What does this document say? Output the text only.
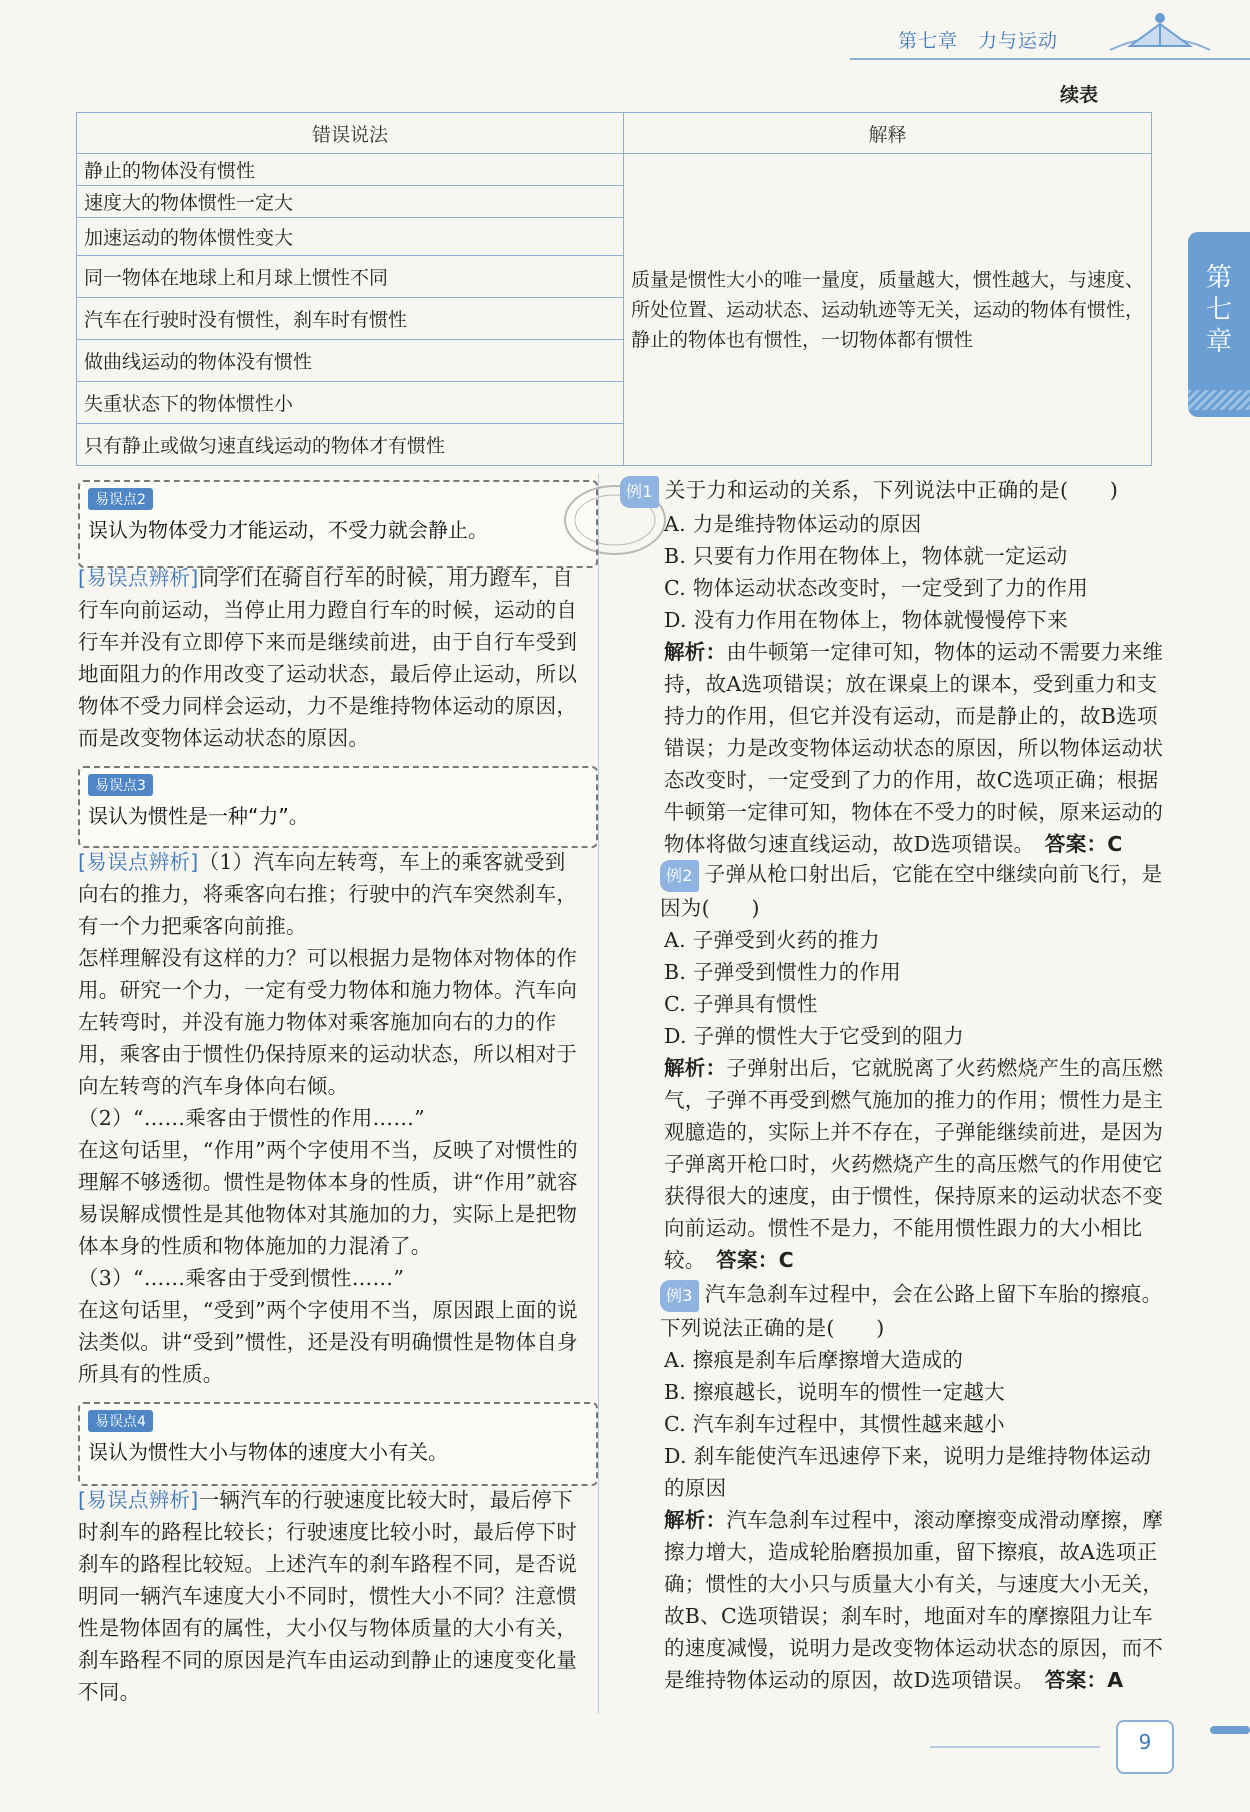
第七章　力与运动
续表
第七章
错误说法	解释
静止的物体没有惯性	质量是惯性大小的唯一量度，质量越大，惯性越大，与速度、所处位置、运动状态、运动轨迹等无关，运动的物体有惯性，静止的物体也有惯性，一切物体都有惯性
速度大的物体惯性一定大	
加速运动的物体惯性变大	
同一物体在地球上和月球上惯性不同	
汽车在行驶时没有惯性，刹车时有惯性	
做曲线运动的物体没有惯性	
失重状态下的物体惯性小	
只有静止或做匀速直线运动的物体才有惯性	
易误点2
误认为物体受力才能运动，不受力就会静止。
[易误点辨析]同学们在骑自行车的时候，用力蹬车，自行车向前运动，当停止用力蹬自行车的时候，运动的自行车并没有立即停下来而是继续前进，由于自行车受到地面阻力的作用改变了运动状态，最后停止运动，所以物体不受力同样会运动，力不是维持物体运动的原因，而是改变物体运动状态的原因。
易误点3
误认为惯性是一种“力”。
[易误点辨析]（1）汽车向左转弯，车上的乘客就受到向右的推力，将乘客向右推；行驶中的汽车突然刹车，有一个力把乘客向前推。
怎样理解没有这样的力？可以根据力是物体对物体的作用。研究一个力，一定有受力物体和施力物体。汽车向左转弯时，并没有施力物体对乘客施加向右的力的作用，乘客由于惯性仍保持原来的运动状态，所以相对于向左转弯的汽车身体向右倾。
（2）“……乘客由于惯性的作用……”
在这句话里，“作用”两个字使用不当，反映了对惯性的理解不够透彻。惯性是物体本身的性质，讲“作用”就容易误解成惯性是其他物体对其施加的力，实际上是把物体本身的性质和物体施加的力混淆了。
（3）“……乘客由于受到惯性……”
在这句话里，“受到”两个字使用不当，原因跟上面的说法类似。讲“受到”惯性，还是没有明确惯性是物体自身所具有的性质。
易误点4
误认为惯性大小与物体的速度大小有关。
[易误点辨析]一辆汽车的行驶速度比较大时，最后停下时刹车的路程比较长；行驶速度比较小时，最后停下时刹车的路程比较短。上述汽车的刹车路程不同，是否说明同一辆汽车速度大小不同时，惯性大小不同？注意惯性是物体固有的属性，大小仅与物体质量的大小有关，刹车路程不同的原因是汽车由运动到静止的速度变化量不同。
例1 关于力和运动的关系，下列说法中正确的是(　　)
A. 力是维持物体运动的原因
B. 只要有力作用在物体上，物体就一定运动
C. 物体运动状态改变时，一定受到了力的作用
D. 没有力作用在物体上，物体就慢慢停下来
解析：由牛顿第一定律可知，物体的运动不需要力来维持，故A选项错误；放在课桌上的课本，受到重力和支持力的作用，但它并没有运动，而是静止的，故B选项错误；力是改变物体运动状态的原因，所以物体运动状态改变时，一定受到了力的作用，故C选项正确；根据牛顿第一定律可知，物体在不受力的时候，原来运动的物体将做匀速直线运动，故D选项错误。　 答案：C
例2 子弹从枪口射出后，它能在空中继续向前飞行，是因为(　　)
A. 子弹受到火药的推力
B. 子弹受到惯性力的作用
C. 子弹具有惯性
D. 子弹的惯性大于它受到的阻力
解析：子弹射出后，它就脱离了火药燃烧产生的高压燃气，子弹不再受到燃气施加的推力的作用；惯性力是主观臆造的，实际上并不存在，子弹能继续前进，是因为子弹离开枪口时，火药燃烧产生的高压燃气的作用使它获得很大的速度，由于惯性，保持原来的运动状态不变向前运动。惯性不是力，不能用惯性跟力的大小相比较。　 答案：C
例3 汽车急刹车过程中，会在公路上留下车胎的擦痕。下列说法正确的是(　　)
A. 擦痕是刹车后摩擦增大造成的
B. 擦痕越长，说明车的惯性一定越大
C. 汽车刹车过程中，其惯性越来越小
D. 刹车能使汽车迅速停下来，说明力是维持物体运动的原因
解析：汽车急刹车过程中，滚动摩擦变成滑动摩擦，摩擦力增大，造成轮胎磨损加重，留下擦痕，故A选项正确；惯性的大小只与质量大小有关，与速度大小无关，故B、C选项错误；刹车时，地面对车的摩擦阻力让车的速度减慢，说明力是改变物体运动状态的原因，而不是维持物体运动的原因，故D选项错误。　 答案：A
9
